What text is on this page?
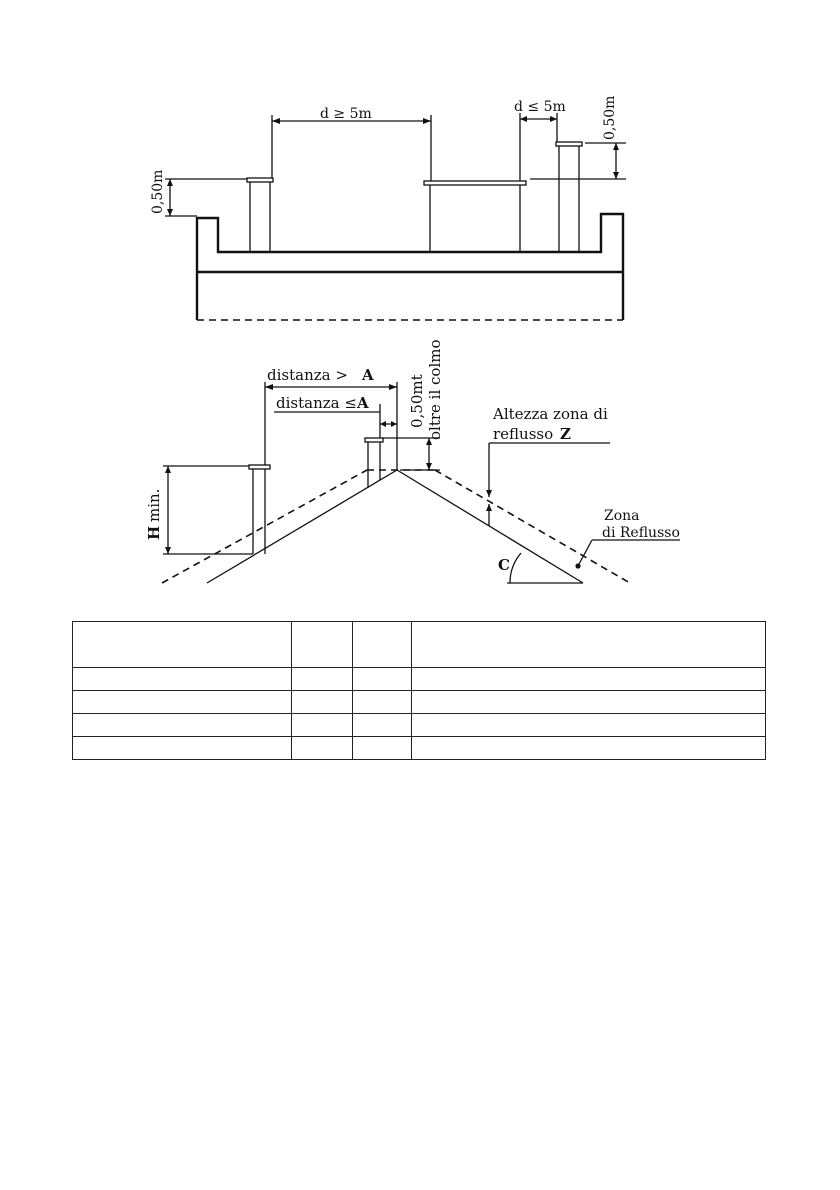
d ≥ 5m	d ≤ 5m	0,50m
0,50m
distanza > A
distanza ≤ A	0,50mt oltre il colmo	Altezza zona di
reflusso Z
H
min.	Zona
di Reflusso
C
